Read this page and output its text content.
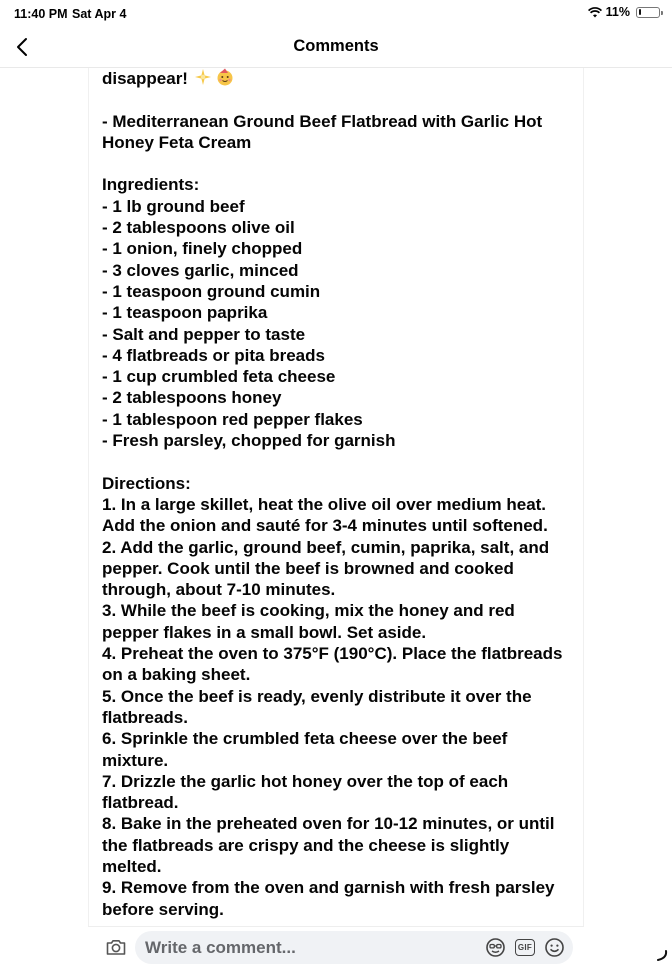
11:40 PM Sat Apr 4	11%
Comments
disappear!

- Mediterranean Ground Beef Flatbread with Garlic Hot Honey Feta Cream

Ingredients:
- 1 lb ground beef
- 2 tablespoons olive oil
- 1 onion, finely chopped
- 3 cloves garlic, minced
- 1 teaspoon ground cumin
- 1 teaspoon paprika
- Salt and pepper to taste
- 4 flatbreads or pita breads
- 1 cup crumbled feta cheese
- 2 tablespoons honey
- 1 tablespoon red pepper flakes
- Fresh parsley, chopped for garnish

Directions:
1. In a large skillet, heat the olive oil over medium heat. Add the onion and sauté for 3-4 minutes until softened.
2. Add the garlic, ground beef, cumin, paprika, salt, and pepper. Cook until the beef is browned and cooked through, about 7-10 minutes.
3. While the beef is cooking, mix the honey and red pepper flakes in a small bowl. Set aside.
4. Preheat the oven to 375°F (190°C). Place the flatbreads on a baking sheet.
5. Once the beef is ready, evenly distribute it over the flatbreads.
6. Sprinkle the crumbled feta cheese over the beef mixture.
7. Drizzle the garlic hot honey over the top of each flatbread.
8. Bake in the preheated oven for 10-12 minutes, or until the flatbreads are crispy and the cheese is slightly melted.
9. Remove from the oven and garnish with fresh parsley before serving.
Write a comment...
GIF
